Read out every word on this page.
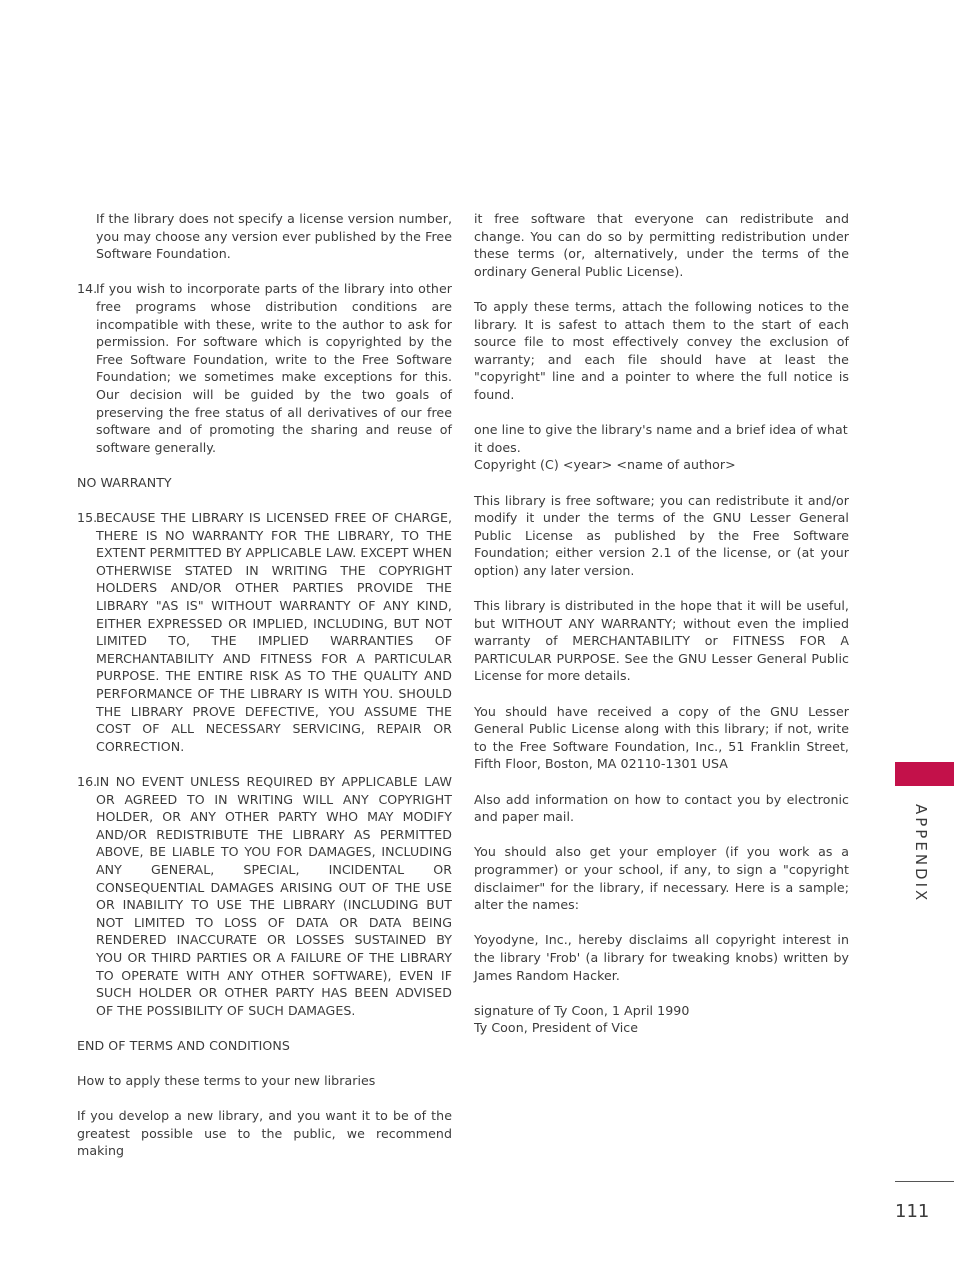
If the library does not specify a license version number, you may choose any version ever published by the Free Software Foundation.

14.
If you wish to incorporate parts of the library into other free programs whose distribution conditions are incompatible with these, write to the author to ask for permission. For software which is copyrighted by the Free Software Foundation, write to the Free Software Foundation; we sometimes make exceptions for this. Our decision will be guided by the two goals of preserving the free status of all derivatives of our free software and of promoting the sharing and reuse of software generally.

NO WARRANTY

15.
BECAUSE THE LIBRARY IS LICENSED FREE OF CHARGE, THERE IS NO WARRANTY FOR THE LIBRARY, TO THE EXTENT PERMITTED BY APPLICABLE LAW. EXCEPT WHEN OTHERWISE STATED IN WRITING THE COPYRIGHT HOLDERS AND/OR OTHER PARTIES PROVIDE THE LIBRARY "AS IS" WITHOUT WARRANTY OF ANY KIND, EITHER EXPRESSED OR IMPLIED, INCLUDING, BUT NOT LIMITED TO, THE IMPLIED WARRANTIES OF MERCHANTABILITY AND FITNESS FOR A PARTICULAR PURPOSE. THE ENTIRE RISK AS TO THE QUALITY AND PERFORMANCE OF THE LIBRARY IS WITH YOU. SHOULD THE LIBRARY PROVE DEFECTIVE, YOU ASSUME THE COST OF ALL NECESSARY SERVICING, REPAIR OR CORRECTION.
16.
IN NO EVENT UNLESS REQUIRED BY APPLICABLE LAW OR AGREED TO IN WRITING WILL ANY COPYRIGHT HOLDER, OR ANY OTHER PARTY WHO MAY MODIFY AND/OR REDISTRIBUTE THE LIBRARY AS PERMITTED ABOVE, BE LIABLE TO YOU FOR DAMAGES, INCLUDING ANY GENERAL, SPECIAL, INCIDENTAL OR CONSEQUENTIAL DAMAGES ARISING OUT OF THE USE OR INABILITY TO USE THE LIBRARY (INCLUDING BUT NOT LIMITED TO LOSS OF DATA OR DATA BEING RENDERED INACCURATE OR LOSSES SUSTAINED BY YOU OR THIRD PARTIES OR A FAILURE OF THE LIBRARY TO OPERATE WITH ANY OTHER SOFTWARE), EVEN IF SUCH HOLDER OR OTHER PARTY HAS BEEN ADVISED OF THE POSSIBILITY OF SUCH DAMAGES.

END OF TERMS AND CONDITIONS

How to apply these terms to your new libraries

If you develop a new library, and you want it to be of the greatest possible use to the public, we recommend making

it free software that everyone can redistribute and change. You can do so by permitting redistribution under these terms (or, alternatively, under the terms of the ordinary General Public License).

To apply these terms, attach the following notices to the library. It is safest to attach them to the start of each source file to most effectively convey the exclusion of warranty; and each file should have at least the "copyright" line and a pointer to where the full notice is found.

one line to give the library's name and a brief idea of what it does.

Copyright (C) <year> <name of author>

This library is free software; you can redistribute it and/or modify it under the terms of the GNU Lesser General Public License as published by the Free Software Foundation; either version 2.1 of the license, or (at your option) any later version.

This library is distributed in the hope that it will be useful, but WITHOUT ANY WARRANTY; without even the implied warranty of MERCHANTABILITY or FITNESS FOR A PARTICULAR PURPOSE. See the GNU Lesser General Public License for more details.

You should have received a copy of the GNU Lesser General Public License along with this library; if not, write to the Free Software Foundation, Inc., 51 Franklin Street, Fifth Floor, Boston, MA 02110-1301 USA

Also add information on how to contact you by electronic and paper mail.

You should also get your employer (if you work as a programmer) or your school, if any, to sign a "copyright disclaimer" for the library, if necessary. Here is a sample; alter the names:

Yoyodyne, Inc., hereby disclaims all copyright interest in the library 'Frob' (a library for tweaking knobs) written by James Random Hacker.

signature of Ty Coon, 1 April 1990

Ty Coon, President of Vice

APPENDIX
111
